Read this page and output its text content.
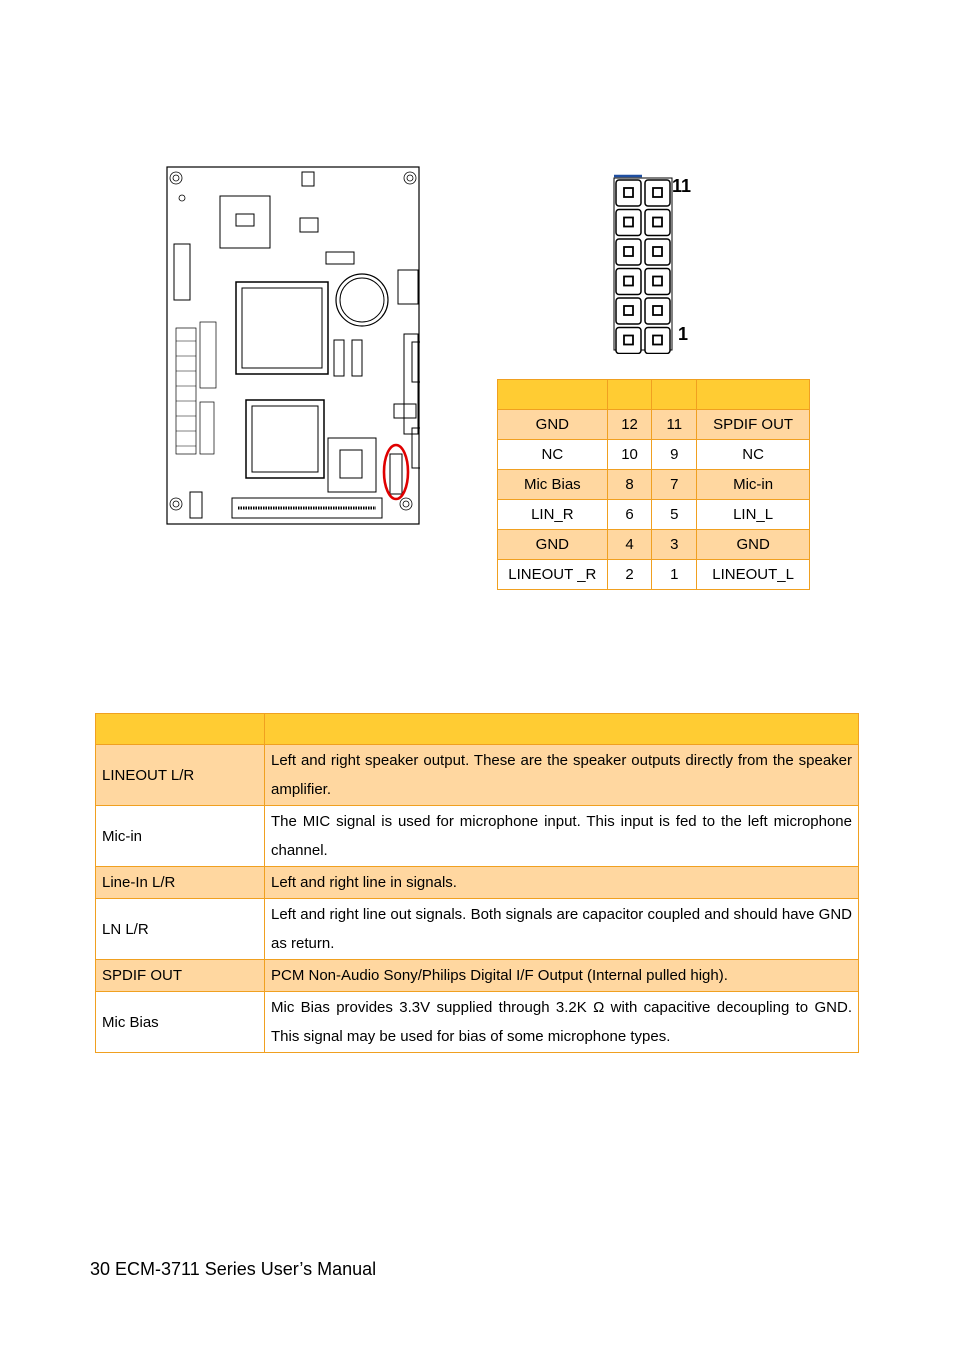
11
1

GND	12	11	SPDIF OUT
NC	10	9	NC
Mic Bias	8	7	Mic-in
LIN_R	6	5	LIN_L
GND	4	3	GND
LINEOUT _R	2	1	LINEOUT_L

LINEOUT L/R	Left and right speaker output. These are the speaker outputs directly from the speaker amplifier.
Mic-in	The MIC signal is used for microphone input. This input is fed to the left microphone channel.
Line-In L/R	Left and right line in signals.
LN L/R	Left and right line out signals. Both signals are capacitor coupled and should have GND as return.
SPDIF OUT	PCM Non-Audio Sony/Philips Digital I/F Output (Internal pulled high).
Mic Bias	Mic Bias provides 3.3V supplied through 3.2K Ω with capacitive decoupling to GND. This signal may be used for bias of some microphone types.
30 ECM-3711 Series User’s Manual
